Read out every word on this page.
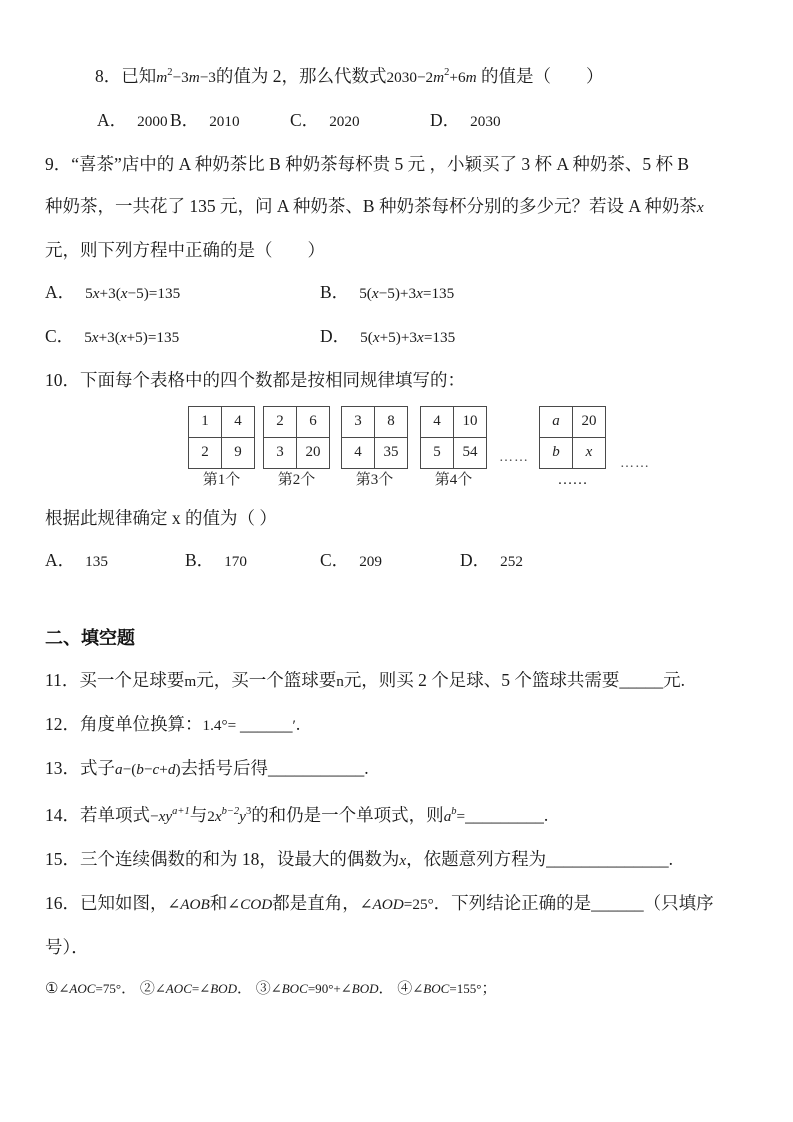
8．已知$m^2-3m-3$的值为 2，那么代数式$2030-2m^2+6m$ 的值是（　　）
A． 2000 B． 2010	C． 2020	D． 2030
9．“喜茶”店中的 A 种奶茶比 B 种奶茶每杯贵 5 元 ，小颖买了 3 杯 A 种奶茶、5 杯 B
种奶茶，一共花了 135 元，问 A 种奶茶、B 种奶茶每杯分别的多少元？若设 A 种奶茶x
元，则下列方程中正确的是（　　）
A． 5x+3(x−5)=135	B． 5(x−5)+3x=135
C． 5x+3(x+5)=135	D． 5(x+5)+3x=135
10．下面每个表格中的四个数都是按相同规律填写的：
1	4
2	9
第1个
2	6
3	20
第2个
3	8
4	35
第3个
4	10
5	54
第4个
……
a	20
b	x
……
……
根据此规律确定 x 的值为（ ）
A． 135	B． 170	C． 209	D． 252
二、填空题
11．买一个足球要m元，买一个篮球要n元，则买 2 个足球、5 个篮球共需要_____元.
12．角度单位换算：1.4°= ______′.
13．式子a−(b−c+d)去括号后得___________.
14．若单项式$-xy^{a+1}$与$2x^{b-2}y^3$的和仍是一个单项式，则$a^b=\_\_\_\_\_\_\_\_\_$.
15．三个连续偶数的和为 18，设最大的偶数为x，依题意列方程为______________.
16．已知如图，∠AOB和∠COD都是直角，∠AOD=25°．下列结论正确的是______（只填序
号）．
①∠AOC=75°． ②∠AOC=∠BOD． ③∠BOC=90°+∠BOD． ④∠BOC=155°；
